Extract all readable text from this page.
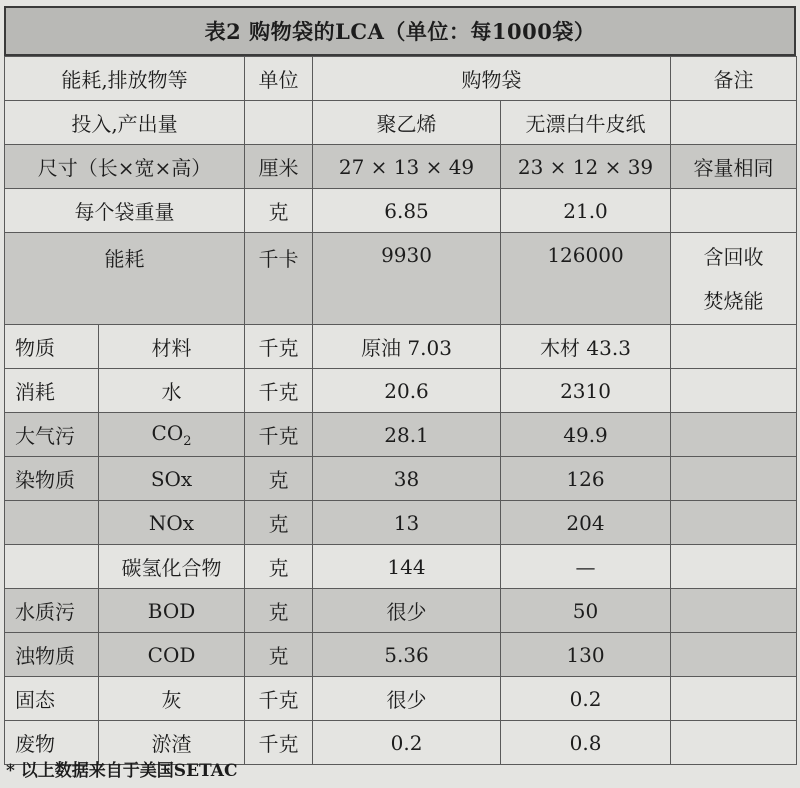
表2 购物袋的LCA（单位：每1000袋）
能耗,排放物等		单位	购物袋		备注
投入,产出量			聚乙烯	无漂白牛皮纸	
尺寸（长×宽×高）		厘米	27 × 13 × 49	23 × 12 × 39	容量相同
每个袋重量		克	6.85	21.0	
能耗		千卡	9930	126000	含回收
焚烧能

物质	材料	千克	原油 7.03	木材 43.3	
消耗	水	千克	20.6	2310	
大气污	$CO_2$	千克	28.1	49.9	
染物质	SOx	克	38	126	
	NOx	克	13	204	
	碳氢化合物	克	144	—	
水质污	BOD	克	很少	50	
浊物质	COD	克	5.36	130	
固态	灰	千克	很少	0.2	
废物	淤渣	千克	0.2	0.8	
* 以上数据来自于美国SETAC
